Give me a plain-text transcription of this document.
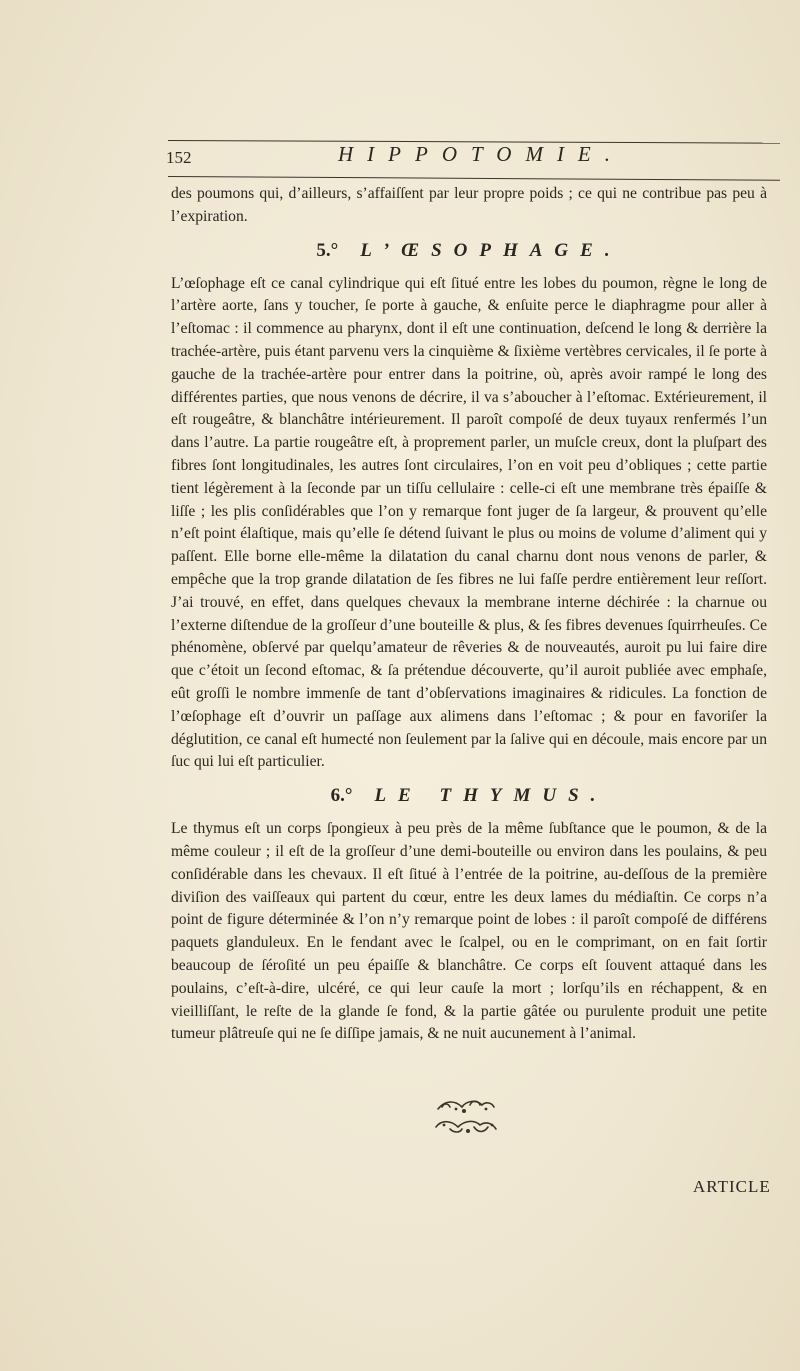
152	HIPPOTOMIE.

des poumons qui, d’ailleurs, s’affaiſſent par leur propre poids ; ce qui ne contribue pas peu à l’expiration.

5.° L’ŒSOPHAGE.

L’œſophage eſt ce canal cylindrique qui eſt ſitué entre les lobes du poumon, règne le long de l’artère aorte, ſans y toucher, ſe porte à gauche, & enſuite perce le diaphragme pour aller à l’eſtomac : il commence au pharynx, dont il eſt une continuation, deſcend le long & derrière la trachée-artère, puis étant parvenu vers la cinquième & ſixième vertèbres cervicales, il ſe porte à gauche de la trachée-artère pour entrer dans la poitrine, où, après avoir rampé le long des différentes parties, que nous venons de décrire, il va s’aboucher à l’eſtomac. Extérieurement, il eſt rougeâtre, & blanchâtre intérieurement. Il paroît compoſé de deux tuyaux renfermés l’un dans l’autre. La partie rougeâtre eſt, à proprement parler, un muſcle creux, dont la pluſpart des fibres ſont longitudinales, les autres ſont circulaires, l’on en voit peu d’obliques ; cette partie tient légèrement à la ſeconde par un tiſſu cellulaire : celle-ci eſt une membrane très épaiſſe & liſſe ; les plis conſidérables que l’on y remarque font juger de ſa largeur, & prouvent qu’elle n’eſt point élaſtique, mais qu’elle ſe détend ſuivant le plus ou moins de volume d’aliment qui y paſſent. Elle borne elle-même la dilatation du canal charnu dont nous venons de parler, & empêche que la trop grande dilatation de ſes fibres ne lui faſſe perdre entièrement leur reſſort. J’ai trouvé, en effet, dans quelques chevaux la membrane interne déchirée : la charnue ou l’externe diſtendue de la groſſeur d’une bouteille & plus, & ſes fibres devenues ſquirrheuſes. Ce phénomène, obſervé par quelqu’amateur de rêveries & de nouveautés, auroit pu lui faire dire que c’étoit un ſecond eſtomac, & ſa prétendue découverte, qu’il auroit publiée avec emphaſe, eût groſſi le nombre immenſe de tant d’obſervations imaginaires & ridicules. La fonction de l’œſophage eſt d’ouvrir un paſſage aux alimens dans l’eſtomac ; & pour en favoriſer la déglutition, ce canal eſt humecté non ſeulement par la ſalive qui en découle, mais encore par un ſuc qui lui eſt particulier.

6.° LE THYMUS.

Le thymus eſt un corps ſpongieux à peu près de la même ſubſtance que le poumon, & de la même couleur ; il eſt de la groſſeur d’une demi-bouteille ou environ dans les poulains, & peu conſidérable dans les chevaux. Il eſt ſitué à l’entrée de la poitrine, au-deſſous de la première diviſion des vaiſſeaux qui partent du cœur, entre les deux lames du médiaſtin. Ce corps n’a point de figure déterminée & l’on n’y remarque point de lobes : il paroît compoſé de différens paquets glanduleux. En le fendant avec le ſcalpel, ou en le comprimant, on en fait ſortir beaucoup de ſéroſité un peu épaiſſe & blanchâtre. Ce corps eſt ſouvent attaqué dans les poulains, c’eſt-à-dire, ulcéré, ce qui leur cauſe la mort ; lorſqu’ils en réchappent, & en vieilliſſant, le reſte de la glande ſe fond, & la partie gâtée ou purulente produit une petite tumeur plâtreuſe qui ne ſe diſſipe jamais, & ne nuit aucunement à l’animal.

ARTICLE
